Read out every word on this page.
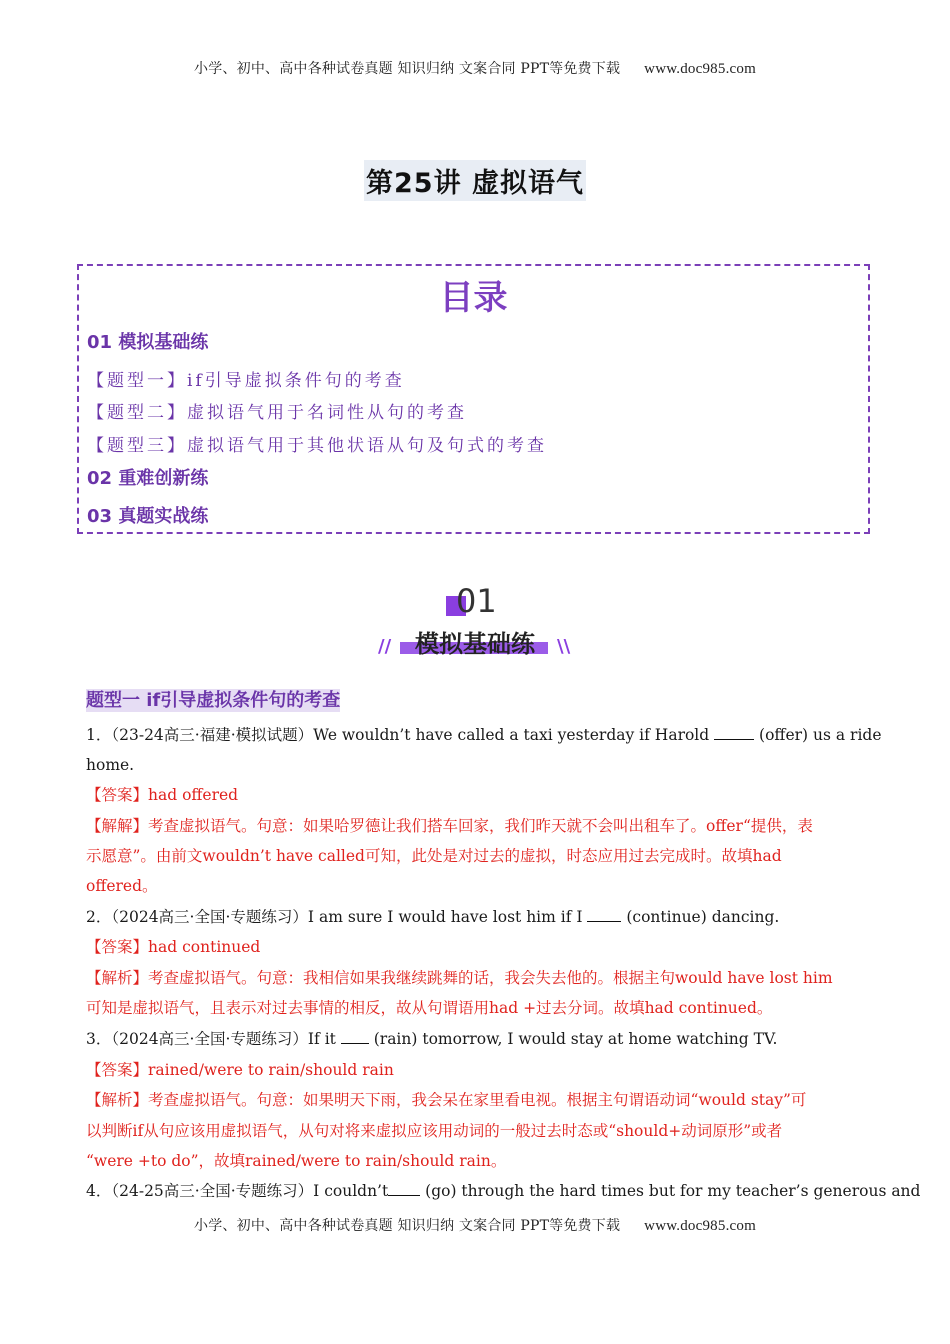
小学、初中、高中各种试卷真题 知识归纳 文案合同 PPT等免费下载 www.doc985.com
第25讲 虚拟语气
目录
01 模拟基础练
【题型一】if引导虚拟条件句的考查
【题型二】虚拟语气用于名词性从句的考查
【题型三】虚拟语气用于其他状语从句及句式的考查
02 重难创新练
03 真题实战练
01
模拟基础练
//	\\
题型一 if引导虚拟条件句的考查
1．（23-24高三·福建·模拟试题）We wouldn’t have called a taxi yesterday if Harold	(offer) us a ride
home.
【答案】had offered
【解解】考查虚拟语气。句意：如果哈罗德让我们搭车回家，我们昨天就不会叫出租车了。offer“提供，表
示愿意”。由前文wouldn’t have called可知，此处是对过去的虚拟，时态应用过去完成时。故填had
offered。
2．（2024高三·全国·专题练习）I am sure I would have lost him if I  (continue) dancing.
【答案】had continued
【解析】考查虚拟语气。句意：我相信如果我继续跳舞的话，我会失去他的。根据主句would have lost him
可知是虚拟语气，且表示对过去事情的相反，故从句谓语用had +过去分词。故填had continued。
3．（2024高三·全国·专题练习）If it  (rain) tomorrow, I would stay at home watching TV.
【答案】rained/were to rain/should rain
【解析】考查虚拟语气。句意：如果明天下雨，我会呆在家里看电视。根据主句谓语动词“would stay”可
以判断if从句应该用虚拟语气，从句对将来虚拟应该用动词的一般过去时态或“should+动词原形”或者
“were +to do”，故填rained/were to rain/should rain。
4．（24-25高三·全国·专题练习）I couldn’t (go) through the hard times but for my teacher’s generous and
小学、初中、高中各种试卷真题 知识归纳 文案合同 PPT等免费下载 www.doc985.com
